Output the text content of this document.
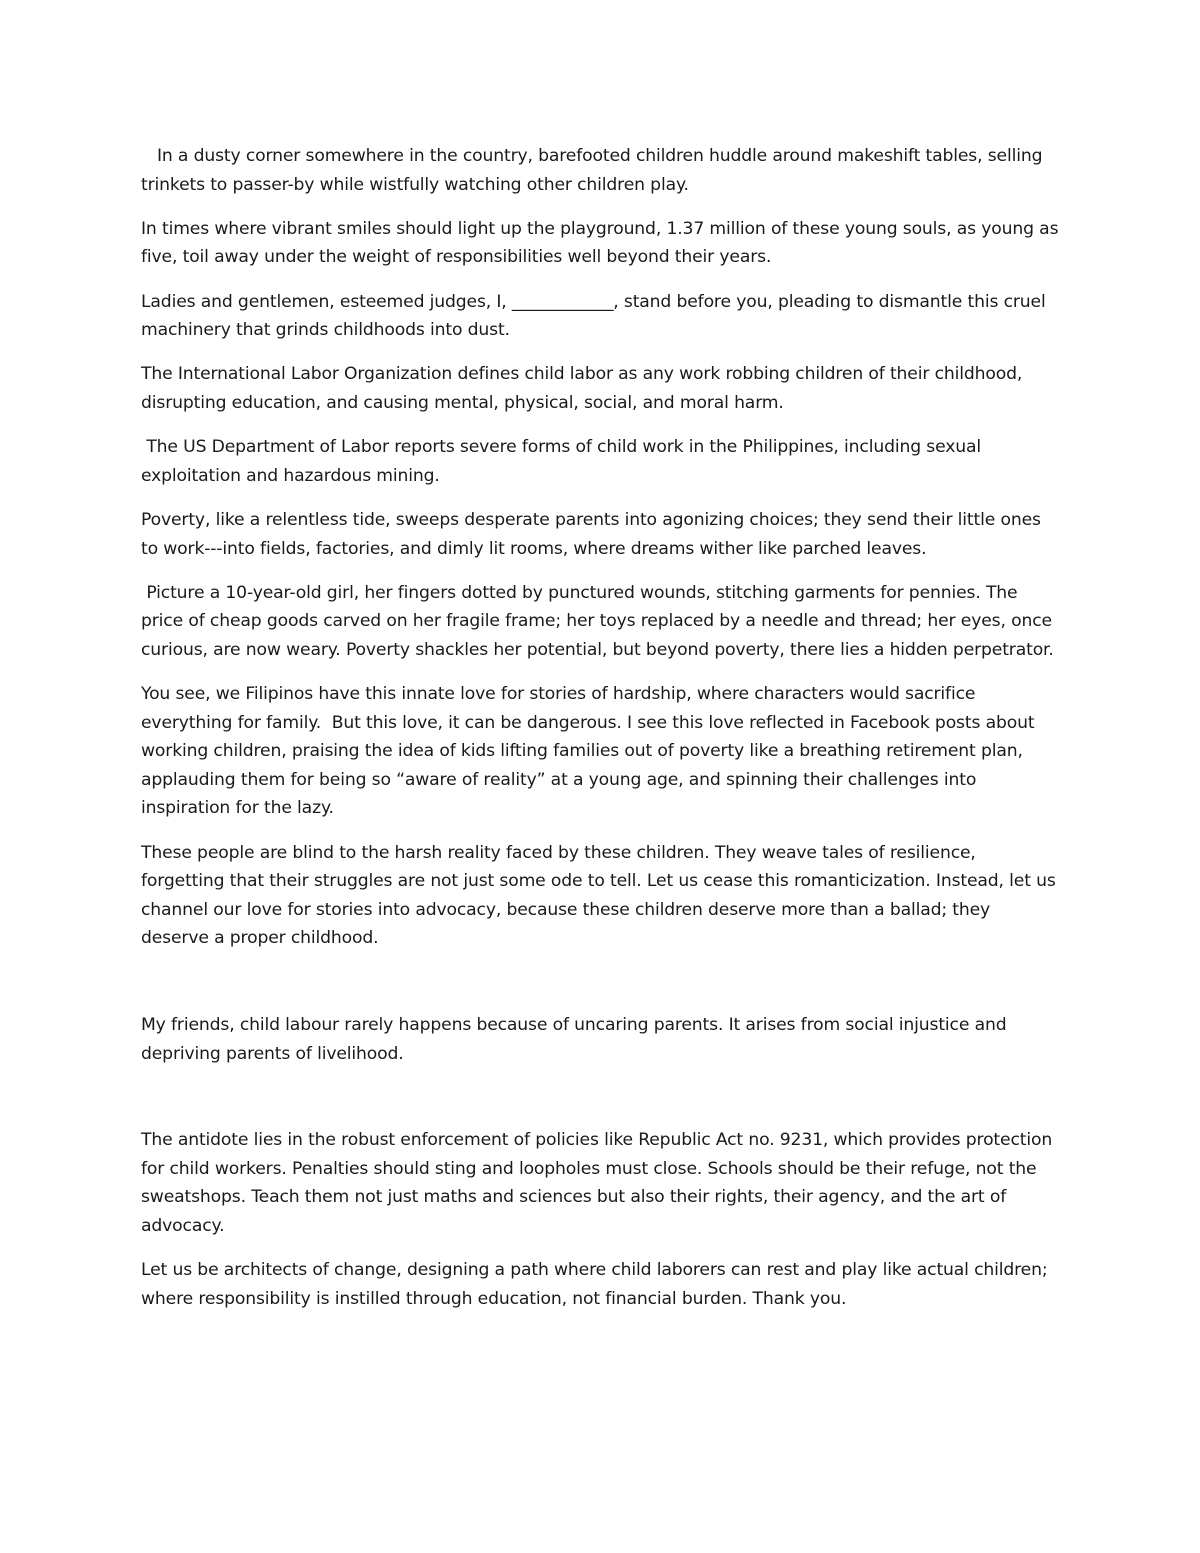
In a dusty corner somewhere in the country, barefooted children huddle around makeshift tables, selling trinkets to passer-by while wistfully watching other children play.

In times where vibrant smiles should light up the playground, 1.37 million of these young souls, as young as five, toil away under the weight of responsibilities well beyond their years.

Ladies and gentlemen, esteemed judges, I, ____________, stand before you, pleading to dismantle this cruel machinery that grinds childhoods into dust.

The International Labor Organization defines child labor as any work robbing children of their childhood, disrupting education, and causing mental, physical, social, and moral harm.

The US Department of Labor reports severe forms of child work in the Philippines, including sexual exploitation and hazardous mining.

Poverty, like a relentless tide, sweeps desperate parents into agonizing choices; they send their little ones to work---into fields, factories, and dimly lit rooms, where dreams wither like parched leaves.

Picture a 10-year-old girl, her fingers dotted by punctured wounds, stitching garments for pennies. The price of cheap goods carved on her fragile frame; her toys replaced by a needle and thread; her eyes, once curious, are now weary. Poverty shackles her potential, but beyond poverty, there lies a hidden perpetrator.

You see, we Filipinos have this innate love for stories of hardship, where characters would sacrifice everything for family.  But this love, it can be dangerous. I see this love reflected in Facebook posts about working children, praising the idea of kids lifting families out of poverty like a breathing retirement plan, applauding them for being so “aware of reality” at a young age, and spinning their challenges into inspiration for the lazy.

These people are blind to the harsh reality faced by these children. They weave tales of resilience, forgetting that their struggles are not just some ode to tell. Let us cease this romanticization. Instead, let us channel our love for stories into advocacy, because these children deserve more than a ballad; they deserve a proper childhood.

My friends, child labour rarely happens because of uncaring parents. It arises from social injustice and depriving parents of livelihood.

The antidote lies in the robust enforcement of policies like Republic Act no. 9231, which provides protection for child workers. Penalties should sting and loopholes must close. Schools should be their refuge, not the sweatshops. Teach them not just maths and sciences but also their rights, their agency, and the art of advocacy.

Let us be architects of change, designing a path where child laborers can rest and play like actual children; where responsibility is instilled through education, not financial burden. Thank you.
